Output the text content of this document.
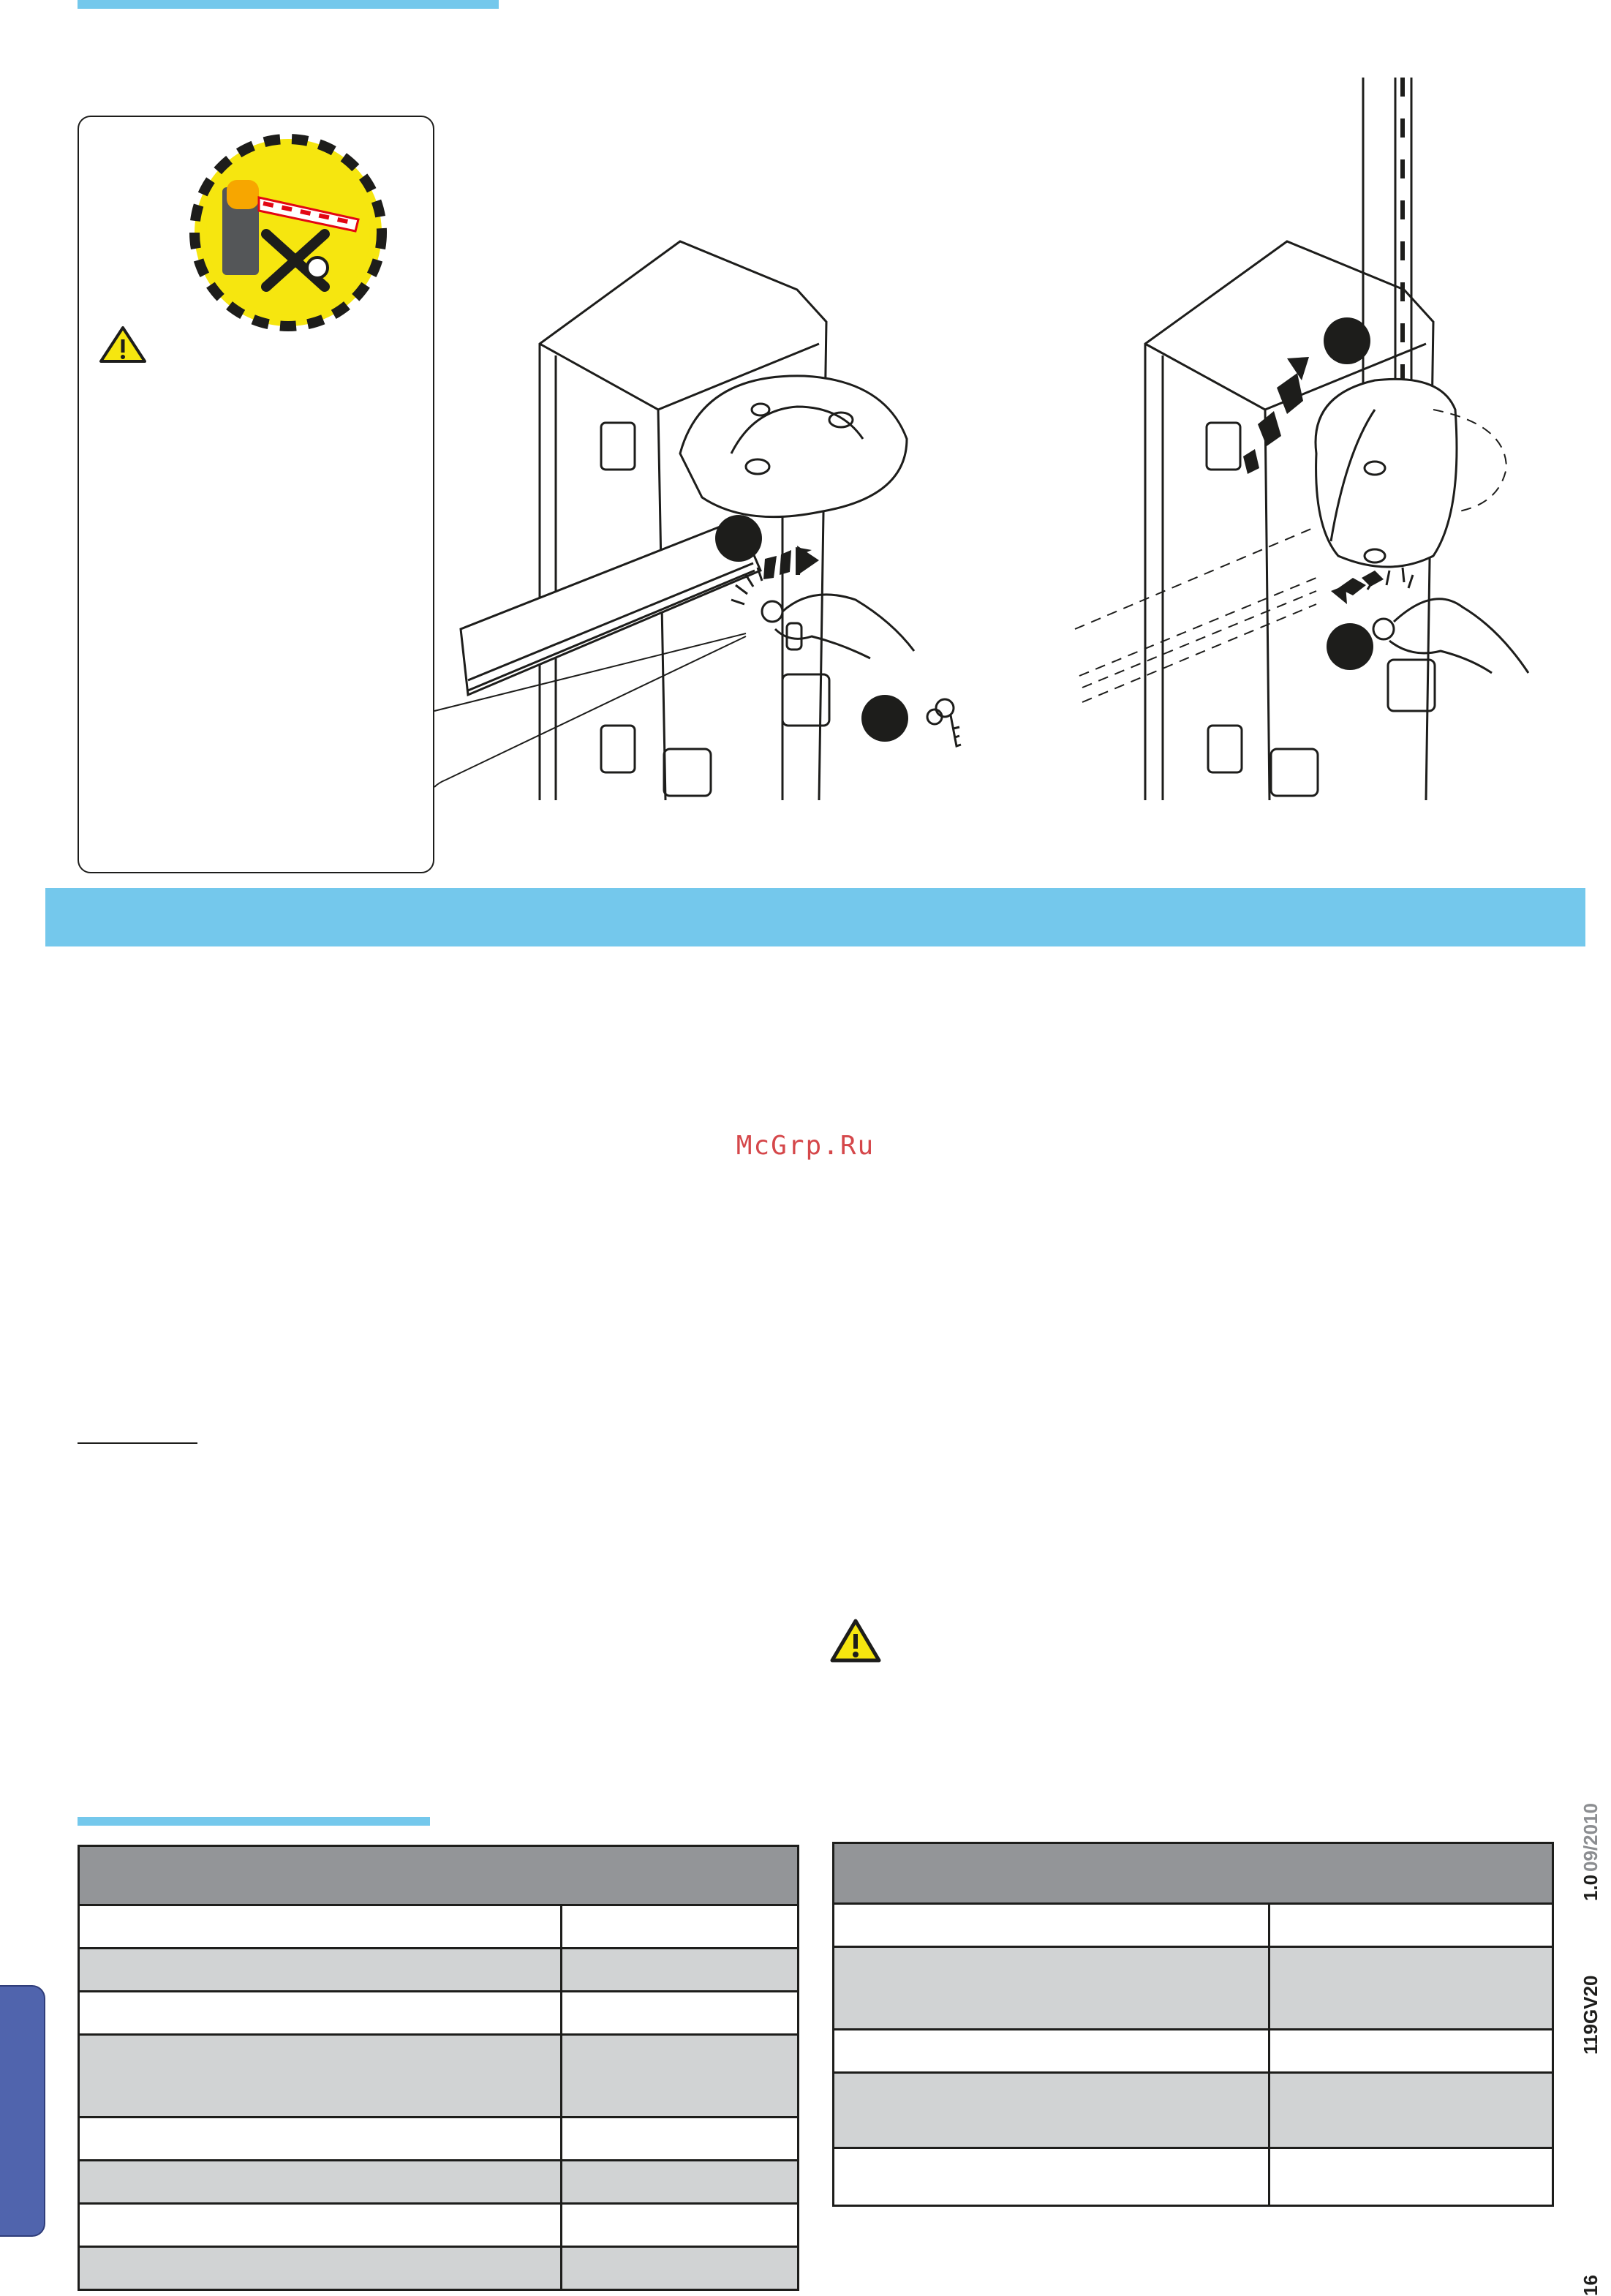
McGrp.Ru

16
119GV20
1.0
09/2010
